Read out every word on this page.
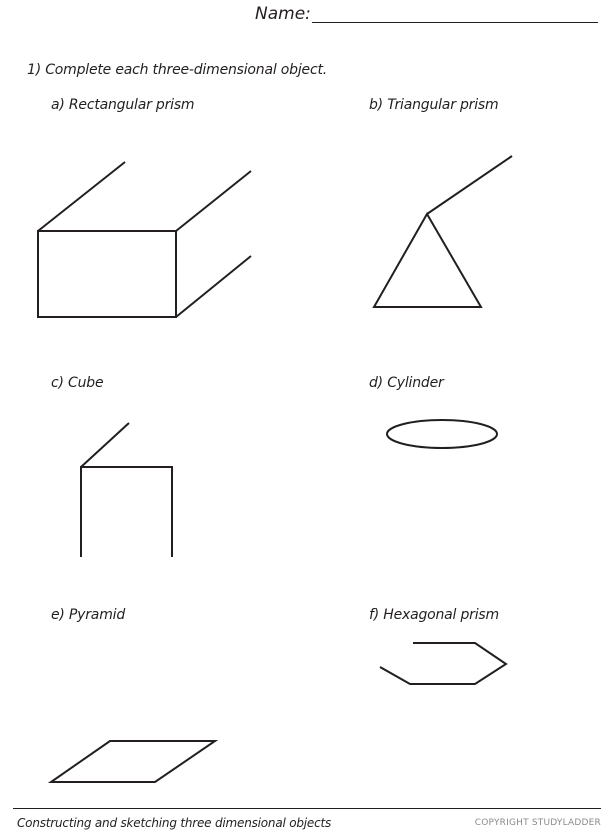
Name:
1) Complete each three-dimensional object.
a) Rectangular prism	b) Triangular prism
c) Cube	d) Cylinder
e) Pyramid	f) Hexagonal prism
Constructing and sketching three dimensional objects	COPYRIGHT STUDYLADDER
